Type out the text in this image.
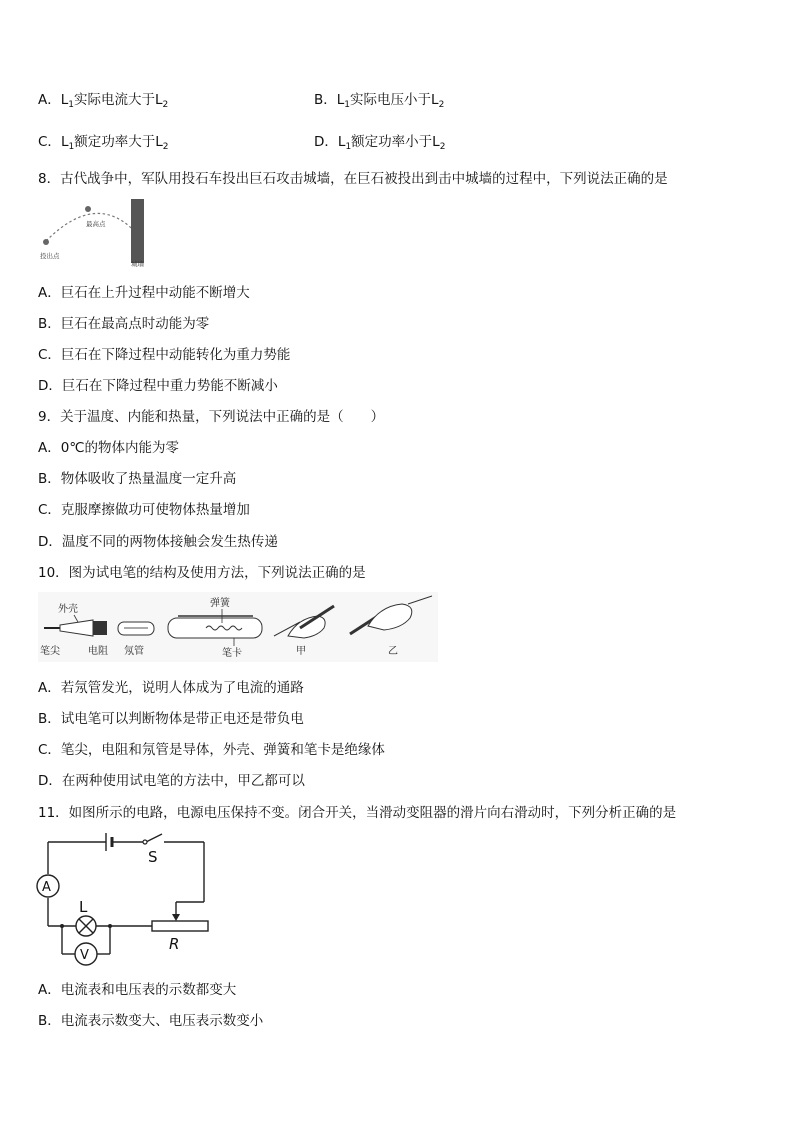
A．$L_1$实际电流大于$L_2$	B．$L_1$实际电压小于$L_2$
C．$L_1$额定功率大于$L_2$	D．$L_1$额定功率小于$L_2$
8．古代战争中，军队用投石车投出巨石攻击城墙，在巨石被投出到击中城墙的过程中，下列说法正确的是
投出点
最高点
城墙
A．巨石在上升过程中动能不断增大
B．巨石在最高点时动能为零
C．巨石在下降过程中动能转化为重力势能
D．巨石在下降过程中重力势能不断减小
9．关于温度、内能和热量，下列说法中正确的是（　　）
A．0℃的物体内能为零
B．物体吸收了热量温度一定升高
C．克服摩擦做功可使物体热量增加
D．温度不同的两物体接触会发生热传递
10．图为试电笔的结构及使用方法，下列说法正确的是
外壳
笔尖	电阻 氖管
弹簧
笔卡	甲	乙
A．若氖管发光，说明人体成为了电流的通路
B．试电笔可以判断物体是带正电还是带负电
C．笔尖，电阻和氖管是导体，外壳、弹簧和笔卡是绝缘体
D．在两种使用试电笔的方法中，甲乙都可以
11．如图所示的电路，电源电压保持不变。闭合开关，当滑动变阻器的滑片向右滑动时，下列分析正确的是
S
A
L
V
R
A．电流表和电压表的示数都变大
B．电流表示数变大、电压表示数变小
